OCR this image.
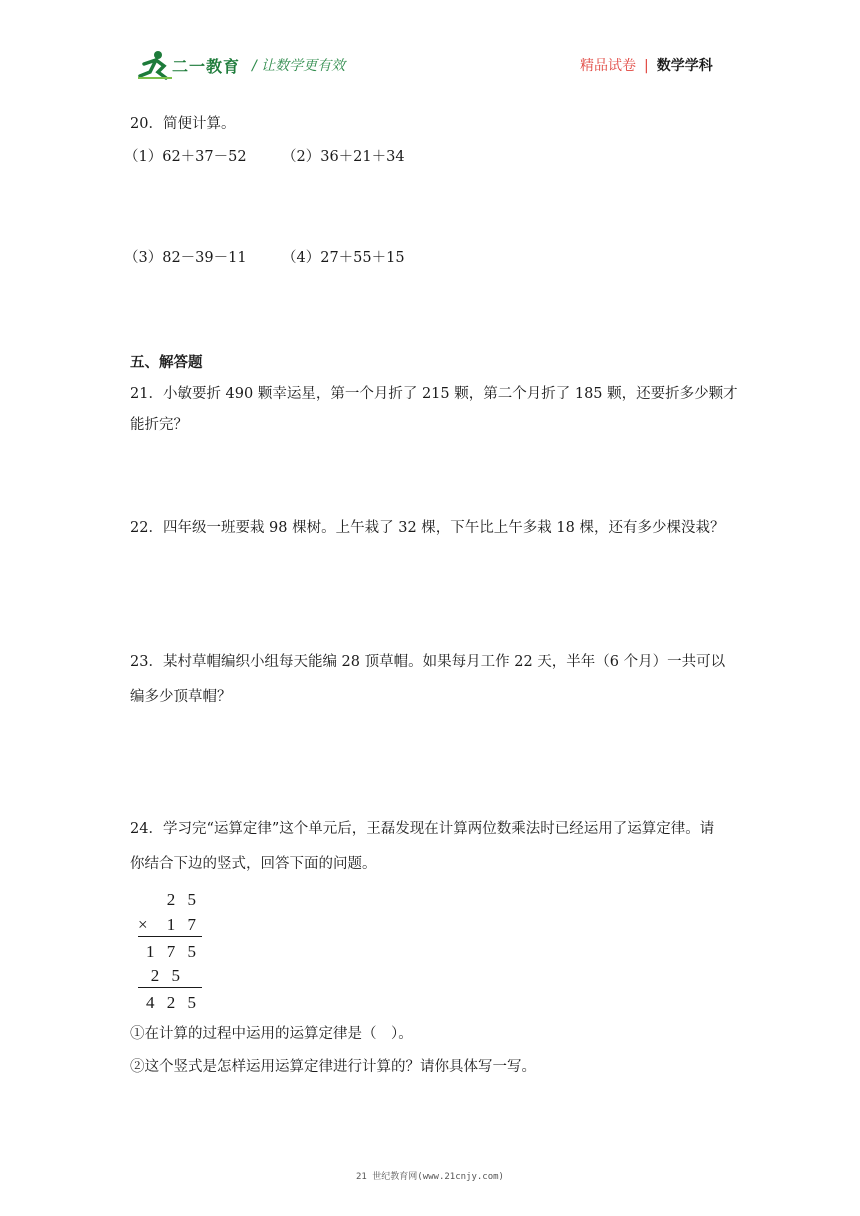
二一教育 / 让数学更有效	精品试卷 | 数学学科
20．简便计算。
（1）62＋37－52 （2）36＋21＋34
（3）82－39－11 （4）27＋55＋15
五、解答题
21．小敏要折 490 颗幸运星，第一个月折了 215 颗，第二个月折了 185 颗，还要折多少颗才
能折完？
22．四年级一班要栽 98 棵树。上午栽了 32 棵，下午比上午多栽 18 棵，还有多少棵没栽？
23．某村草帽编织小组每天能编 28 顶草帽。如果每月工作 22 天，半年（6 个月）一共可以
编多少顶草帽？
24．学习完“运算定律”这个单元后，王磊发现在计算两位数乘法时已经运用了运算定律。请
你结合下边的竖式，回答下面的问题。
2 5
× 1 7
1 7 5
2 5
4 2 5
①在计算的过程中运用的运算定律是（　）。
②这个竖式是怎样运用运算定律进行计算的？请你具体写一写。
21 世纪教育网(www.21cnjy.com)
